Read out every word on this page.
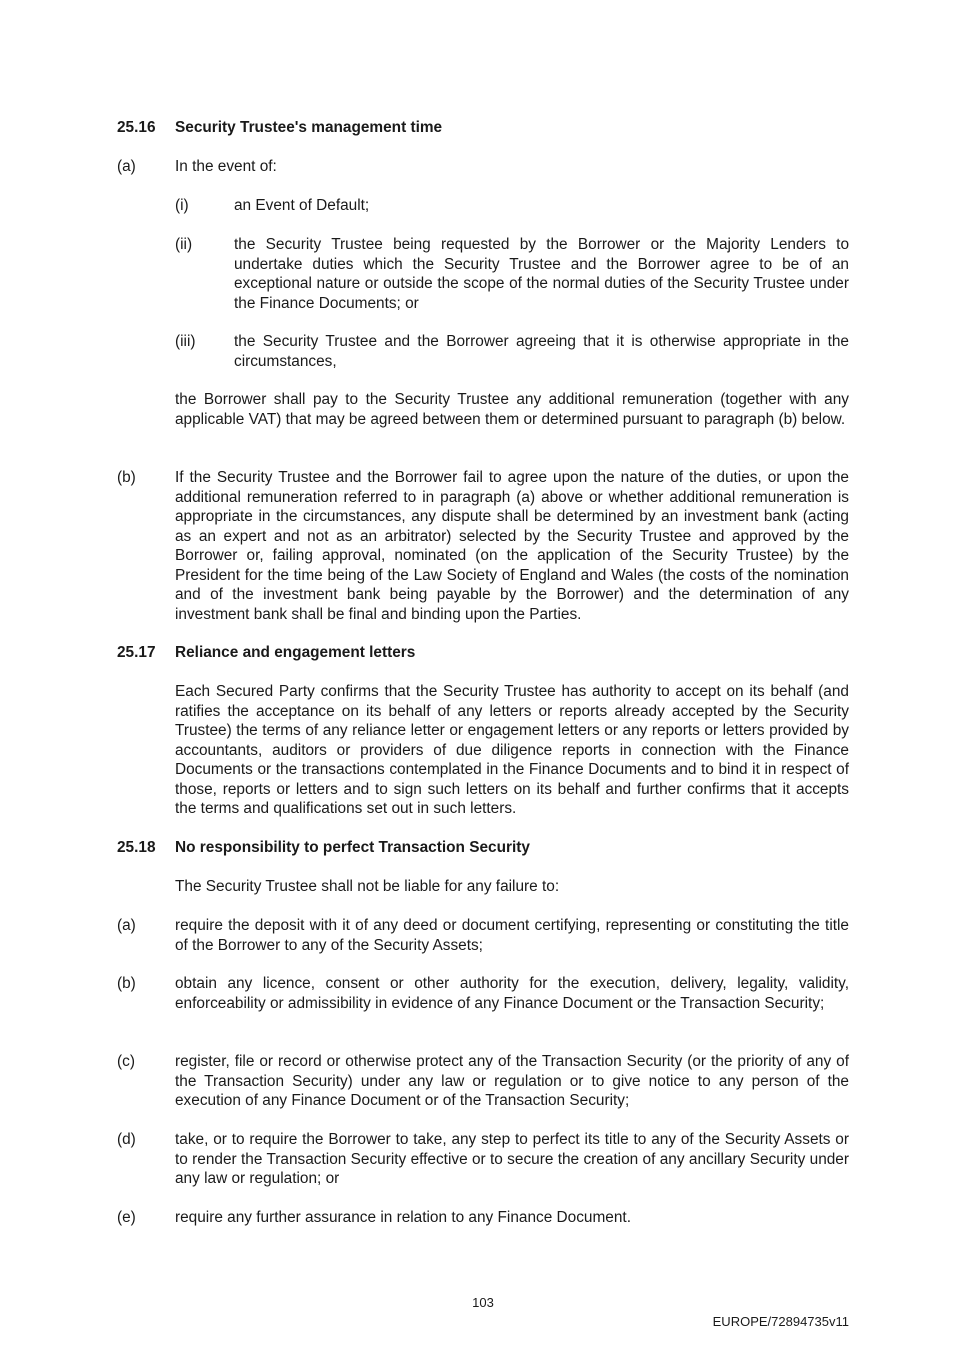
25.16 Security Trustee's management time
(a)	In the event of:

(i)	an Event of Default;

(ii)	the Security Trustee being requested by the Borrower or the Majority Lenders to undertake duties which the Security Trustee and the Borrower agree to be of an exceptional nature or outside the scope of the normal duties of the Security Trustee under the Finance Documents; or

(iii) the Security Trustee and the Borrower agreeing that it is otherwise appropriate in the circumstances,

the Borrower shall pay to the Security Trustee any additional remuneration (together with any applicable VAT) that may be agreed between them or determined pursuant to paragraph (b) below.

(b)	If the Security Trustee and the Borrower fail to agree upon the nature of the duties, or upon the additional remuneration referred to in paragraph (a) above or whether additional remuneration is appropriate in the circumstances, any dispute shall be determined by an investment bank (acting as an expert and not as an arbitrator) selected by the Security Trustee and approved by the Borrower or, failing approval, nominated (on the application of the Security Trustee) by the President for the time being of the Law Society of England and Wales (the costs of the nomination and of the investment bank being payable by the Borrower) and the determination of any investment bank shall be final and binding upon the Parties.

25.17 Reliance and engagement letters

Each Secured Party confirms that the Security Trustee has authority to accept on its behalf (and ratifies the acceptance on its behalf of any letters or reports already accepted by the Security Trustee) the terms of any reliance letter or engagement letters or any reports or letters provided by accountants, auditors or providers of due diligence reports in connection with the Finance Documents or the transactions contemplated in the Finance Documents and to bind it in respect of those, reports or letters and to sign such letters on its behalf and further confirms that it accepts the terms and qualifications set out in such letters.

25.18 No responsibility to perfect Transaction Security

The Security Trustee shall not be liable for any failure to:

(a)	require the deposit with it of any deed or document certifying, representing or constituting the title of the Borrower to any of the Security Assets;

(b)	obtain any licence, consent or other authority for the execution, delivery, legality, validity, enforceability or admissibility in evidence of any Finance Document or the Transaction Security;

(c)	register, file or record or otherwise protect any of the Transaction Security (or the priority of any of the Transaction Security) under any law or regulation or to give notice to any person of the execution of any Finance Document or of the Transaction Security;

(d)	take, or to require the Borrower to take, any step to perfect its title to any of the Security Assets or to render the Transaction Security effective or to secure the creation of any ancillary Security under any law or regulation; or

(e)	require any further assurance in relation to any Finance Document.

103
EUROPE/72894735v11
